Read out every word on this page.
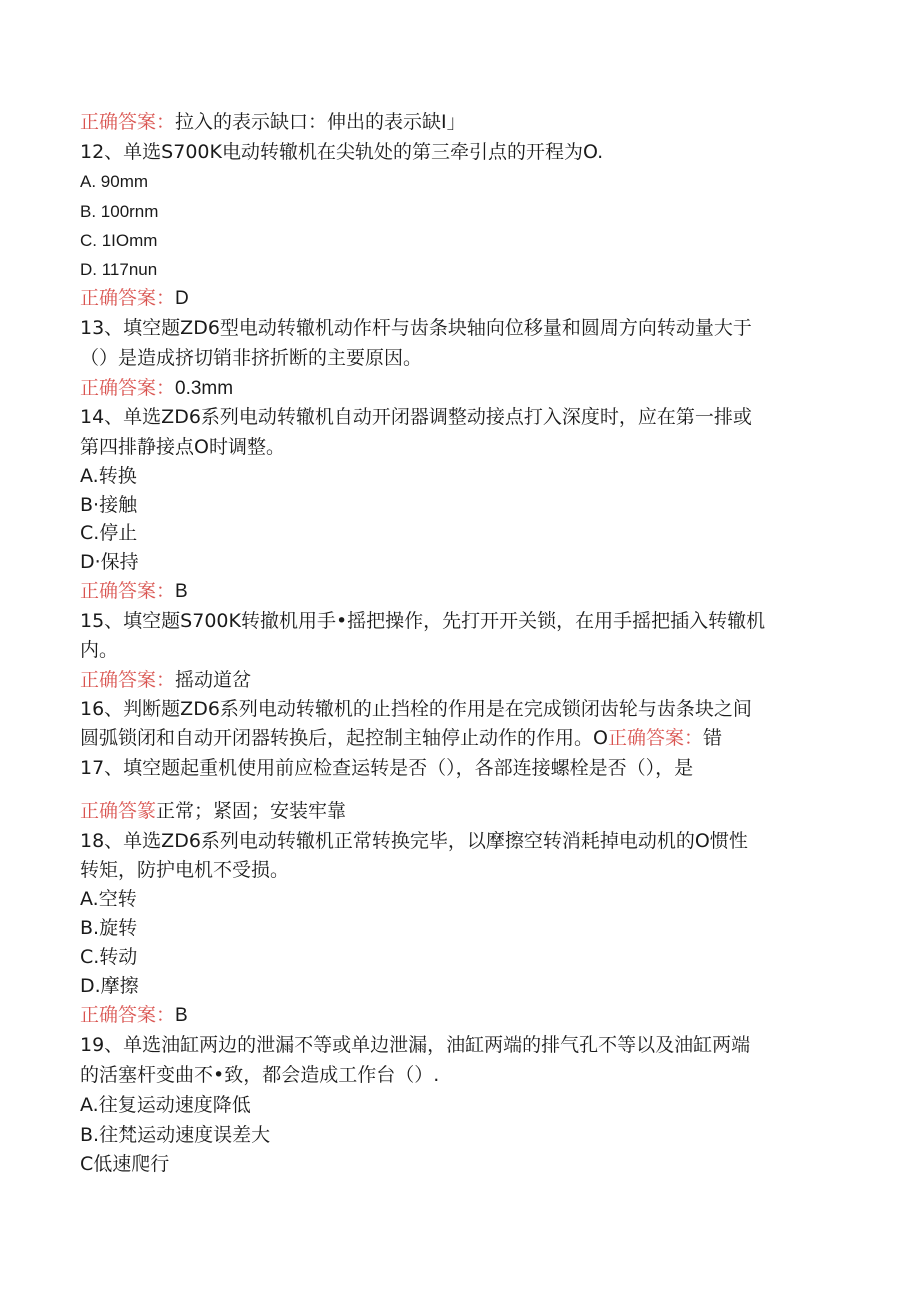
正确答案：拉入的表示缺口：伸出的表示缺I」
12、单选S700K电动转辙机在尖轨处的第三牵引点的开程为O.
A. 90mm
B. 100rnm
C. 1IOmm
D. 117nun
正确答案：D
13、填空题ZD6型电动转辙机动作杆与齿条块轴向位移量和圆周方向转动量大于
（）是造成挤切销非挤折断的主要原因。
正确答案：0.3mm
14、单选ZD6系列电动转辙机自动开闭器调整动接点打入深度时，应在第一排或
第四排静接点O时调整。
A.转换
B·接触
C.停止
D·保持
正确答案：B
15、填空题S700K转撤机用手•摇把操作，先打开开关锁，在用手摇把插入转辙机
内。
正确答案：摇动道岔
16、判断题ZD6系列电动转辙机的止挡栓的作用是在完成锁闭齿轮与齿条块之间
圆弧锁闭和自动开闭器转换后，起控制主轴停止动作的作用。O正确答案：错
17、填空题起重机使用前应检查运转是否（），各部连接螺栓是否（），是
正确答篆正常；紧固；安装牢靠
18、单选ZD6系列电动转辙机正常转换完毕，以摩擦空转消耗掉电动机的O惯性
转矩，防护电机不受损。
A.空转
B.旋转
C.转动
D.摩擦
正确答案：B
19、单选油缸两边的泄漏不等或单边泄漏，油缸两端的排气孔不等以及油缸两端
的活塞杆变曲不•致，都会造成工作台（）.
A.往复运动速度降低
B.往梵运动速度误差大
C低速爬行
